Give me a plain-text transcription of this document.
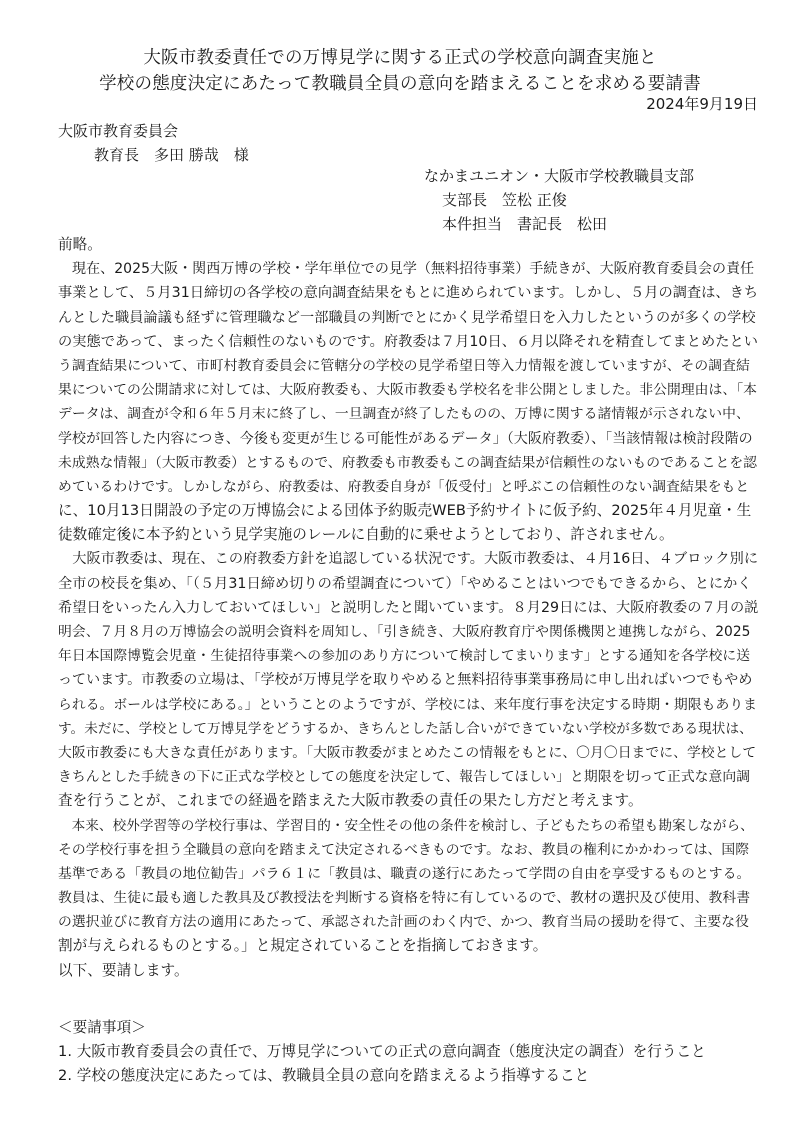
大阪市教委責任での万博見学に関する正式の学校意向調査実施と
学校の態度決定にあたって教職員全員の意向を踏まえることを求める要請書
2024年9月19日
大阪市教育委員会
教育長　多田 勝哉　様
なかまユニオン・大阪市学校教職員支部
支部長　笠松 正俊
本件担当　書記長　松田
前略。
　現在、2025大阪・関西万博の学校・学年単位での見学（無料招待事業）手続きが、大阪府教育委員会の責任
事業として、５月31日締切の各学校の意向調査結果をもとに進められています。しかし、５月の調査は、きち
んとした職員論議も経ずに管理職など一部職員の判断でとにかく見学希望日を入力したというのが多くの学校
の実態であって、まったく信頼性のないものです。府教委は７月10日、６月以降それを精査してまとめたとい
う調査結果について、市町村教育委員会に管轄分の学校の見学希望日等入力情報を渡していますが、その調査結
果についての公開請求に対しては、大阪府教委も、大阪市教委も学校名を非公開としました。非公開理由は、「本
データは、調査が令和６年５月末に終了し、一旦調査が終了したものの、万博に関する諸情報が示されない中、
学校が回答した内容につき、今後も変更が生じる可能性があるデータ」（大阪府教委）、「当該情報は検討段階の
未成熟な情報」（大阪市教委）とするもので、府教委も市教委もこの調査結果が信頼性のないものであることを認
めているわけです。しかしながら、府教委は、府教委自身が「仮受付」と呼ぶこの信頼性のない調査結果をもと
に、10月13日開設の予定の万博協会による団体予約販売WEB予約サイトに仮予約、2025年４月児童・生
徒数確定後に本予約という見学実施のレールに自動的に乗せようとしており、許されません。
　大阪市教委は、現在、この府教委方針を追認している状況です。大阪市教委は、４月16日、４ブロック別に
全市の校長を集め、「（５月31日締め切りの希望調査について）「やめることはいつでもできるから、とにかく
希望日をいったん入力しておいてほしい」と説明したと聞いています。８月29日には、大阪府教委の７月の説
明会、７月８月の万博協会の説明会資料を周知し、「引き続き、大阪府教育庁や関係機関と連携しながら、2025
年日本国際博覧会児童・生徒招待事業への参加のあり方について検討してまいります」とする通知を各学校に送
っています。市教委の立場は、「学校が万博見学を取りやめると無料招待事業事務局に申し出ればいつでもやめ
られる。ボールは学校にある。」ということのようですが、学校には、来年度行事を決定する時期・期限もありま
す。未だに、学校として万博見学をどうするか、きちんとした話し合いができていない学校が多数である現状は、
大阪市教委にも大きな責任があります。「大阪市教委がまとめたこの情報をもとに、〇月〇日までに、学校として
きちんとした手続きの下に正式な学校としての態度を決定して、報告してほしい」と期限を切って正式な意向調
査を行うことが、これまでの経過を踏まえた大阪市教委の責任の果たし方だと考えます。
　本来、校外学習等の学校行事は、学習目的・安全性その他の条件を検討し、子どもたちの希望も勘案しながら、
その学校行事を担う全職員の意向を踏まえて決定されるべきものです。なお、教員の権利にかかわっては、国際
基準である「教員の地位勧告」パラ６１に「教員は、職責の遂行にあたって学問の自由を享受するものとする。
教員は、生徒に最も適した教具及び教授法を判断する資格を特に有しているので、教材の選択及び使用、教科書
の選択並びに教育方法の適用にあたって、承認された計画のわく内で、かつ、教育当局の援助を得て、主要な役
割が与えられるものとする。」と規定されていることを指摘しておきます。
以下、要請します。
＜要請事項＞
1. 大阪市教育委員会の責任で、万博見学についての正式の意向調査（態度決定の調査）を行うこと
2. 学校の態度決定にあたっては、教職員全員の意向を踏まえるよう指導すること
